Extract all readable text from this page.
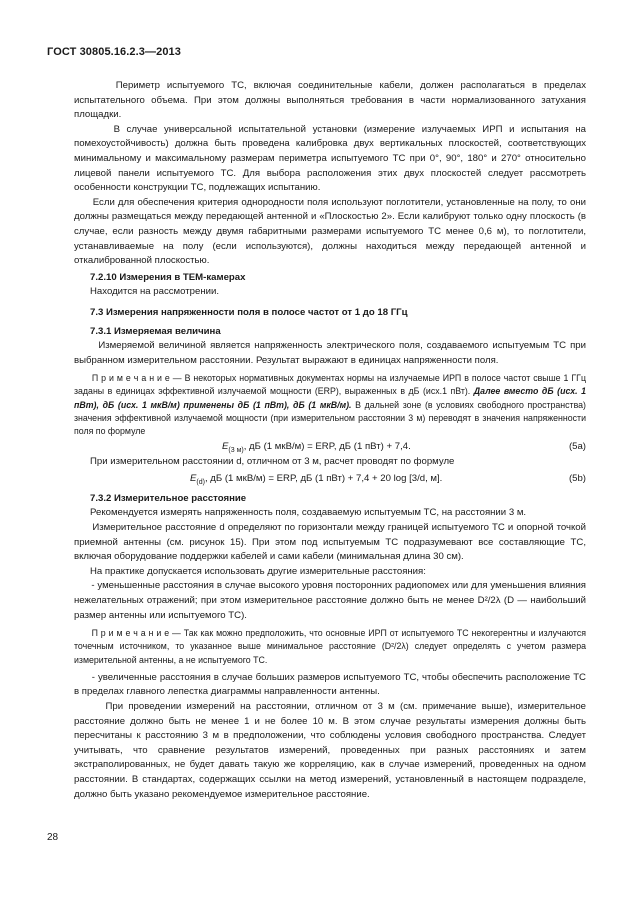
ГОСТ 30805.16.2.3—2013

Периметр испытуемого ТС, включая соединительные кабели, должен располагаться в пределах испытательного объема. При этом должны выполняться требования в части нормализованного затухания площадки.

В случае универсальной испытательной установки (измерение излучаемых ИРП и испытания на помехоустойчивость) должна быть проведена калибровка двух вертикальных плоскостей, соответствующих минимальному и максимальному размерам периметра испытуемого ТС при 0°, 90°, 180° и 270° относительно лицевой панели испытуемого ТС. Для выбора расположения этих двух плоскостей следует рассмотреть особенности конструкции ТС, подлежащих испытанию.

Если для обеспечения критерия однородности поля используют поглотители, установленные на полу, то они должны размещаться между передающей антенной и «Плоскостью 2». Если калибруют только одну плоскость (в случае, если разность между двумя габаритными размерами испытуемого ТС менее 0,6 м), то поглотители, устанавливаемые на полу (если используются), должны находиться между передающей антенной и откалиброванной плоскостью.

7.2.10 Измерения в ТЕМ-камерах

Находится на рассмотрении.

7.3 Измерения напряженности поля в полосе частот от 1 до 18 ГГц

7.3.1 Измеряемая величина

Измеряемой величиной является напряженность электрического поля, создаваемого испытуемым ТС при выбранном измерительном расстоянии. Результат выражают в единицах напряженности поля.

П р и м е ч а н и е — В некоторых нормативных документах нормы на излучаемые ИРП в полосе частот свыше 1 ГГц заданы в единицах эффективной излучаемой мощности (ERP), выраженных в дБ (исх.1 пВт). Далее вместо дБ (исх. 1 пВт), дБ (исх. 1 мкВ/м) применены дБ (1 пВт), дБ (1 мкВ/м). В дальней зоне (в условиях свободного пространства) значения эффективной излучаемой мощности (при измерительном расстоянии 3 м) переводят в значения напряженности поля по формуле

$E_{(3 м)}$, дБ (1 мкВ/м) = ERP, дБ (1 пВт) + 7,4.	(5a)

При измерительном расстоянии d, отличном от 3 м, расчет проводят по формуле

$E_{(d)}$, дБ (1 мкВ/м) = ERP, дБ (1 пВт) + 7,4 + 20 log [3/d, м].	(5b)

7.3.2 Измерительное расстояние

Рекомендуется измерять напряженность поля, создаваемую испытуемым ТС, на расстоянии 3 м.

Измерительное расстояние d определяют по горизонтали между границей испытуемого ТС и опорной точкой приемной антенны (см. рисунок 15). При этом под испытуемым ТС подразумевают все составляющие ТС, включая оборудование поддержки кабелей и сами кабели (минимальная длина 30 см).

На практике допускается использовать другие измерительные расстояния:

- уменьшенные расстояния в случае высокого уровня посторонних радиопомех или для уменьшения влияния нежелательных отражений; при этом измерительное расстояние должно быть не менее D²/2λ (D — наибольший размер антенны или испытуемого ТС).

П р и м е ч а н и е — Так как можно предположить, что основные ИРП от испытуемого ТС некогерентны и излучаются точечным источником, то указанное выше минимальное расстояние (D²/2λ) следует определять с учетом размера измерительной антенны, а не испытуемого ТС.

- увеличенные расстояния в случае больших размеров испытуемого ТС, чтобы обеспечить расположение ТС в пределах главного лепестка диаграммы направленности антенны.

При проведении измерений на расстоянии, отличном от 3 м (см. примечание выше), измерительное расстояние должно быть не менее 1 и не более 10 м. В этом случае результаты измерения должны быть пересчитаны к расстоянию 3 м в предположении, что соблюдены условия свободного пространства. Следует учитывать, что сравнение результатов измерений, проведенных при разных расстояниях и затем экстраполированных, не будет давать такую же корреляцию, как в случае измерений, проведенных на одном расстоянии. В стандартах, содержащих ссылки на метод измерений, установленный в настоящем подразделе, должно быть указано рекомендуемое измерительное расстояние.

28
